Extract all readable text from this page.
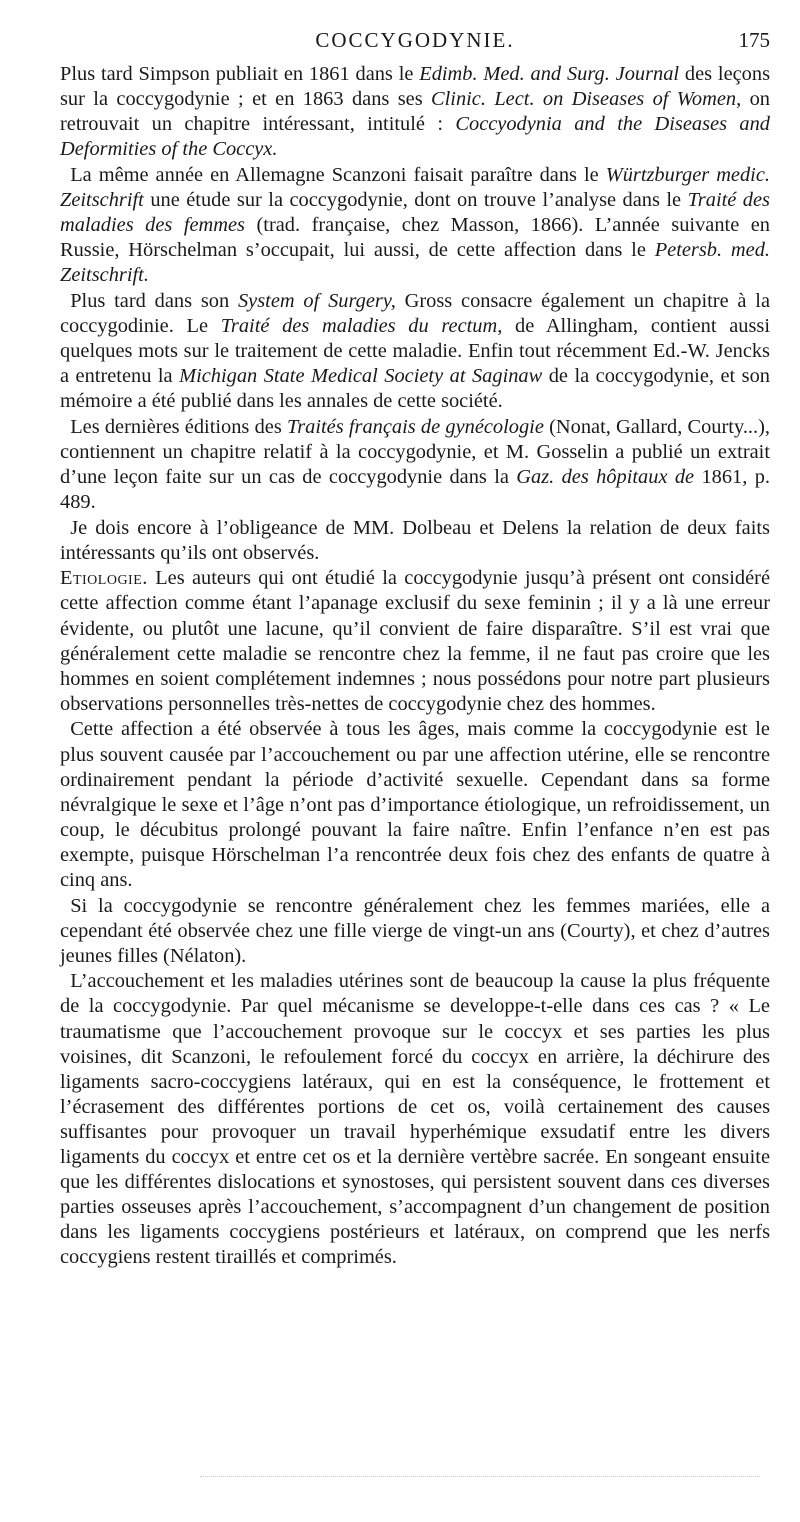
COCCYGODYNIE.	175

Plus tard Simpson publiait en 1861 dans le Edimb. Med. and Surg. Journal des leçons sur la coccygodynie ; et en 1863 dans ses Clinic. Lect. on Diseases of Women, on retrouvait un chapitre intéressant, intitulé : Coccyodynia and the Diseases and Deformities of the Coccyx.

La même année en Allemagne Scanzoni faisait paraître dans le Würtzburger medic. Zeitschrift une étude sur la coccygodynie, dont on trouve l’analyse dans le Traité des maladies des femmes (trad. française, chez Masson, 1866). L’année suivante en Russie, Hörschelman s’occupait, lui aussi, de cette affection dans le Petersb. med. Zeitschrift.

Plus tard dans son System of Surgery, Gross consacre également un chapitre à la coccygodinie. Le Traité des maladies du rectum, de Allingham, contient aussi quelques mots sur le traitement de cette maladie. Enfin tout récemment Ed.-W. Jencks a entretenu la Michigan State Medical Society at Saginaw de la coccygodynie, et son mémoire a été publié dans les annales de cette société.

Les dernières éditions des Traités français de gynécologie (Nonat, Gallard, Courty...), contiennent un chapitre relatif à la coccygodynie, et M. Gosselin a publié un extrait d’une leçon faite sur un cas de coccygodynie dans la Gaz. des hôpitaux de 1861, p. 489.

Je dois encore à l’obligeance de MM. Dolbeau et Delens la relation de deux faits intéressants qu’ils ont observés.

Etiologie. Les auteurs qui ont étudié la coccygodynie jusqu’à présent ont considéré cette affection comme étant l’apanage exclusif du sexe feminin ; il y a là une erreur évidente, ou plutôt une lacune, qu’il convient de faire disparaître. S’il est vrai que généralement cette maladie se rencontre chez la femme, il ne faut pas croire que les hommes en soient complétement indemnes ; nous possédons pour notre part plusieurs observations personnelles très-nettes de coccygodynie chez des hommes.

Cette affection a été observée à tous les âges, mais comme la coccygodynie est le plus souvent causée par l’accouchement ou par une affection utérine, elle se rencontre ordinairement pendant la période d’activité sexuelle. Cependant dans sa forme névralgique le sexe et l’âge n’ont pas d’importance étiologique, un refroidissement, un coup, le décubitus prolongé pouvant la faire naître. Enfin l’enfance n’en est pas exempte, puisque Hörschelman l’a rencontrée deux fois chez des enfants de quatre à cinq ans.

Si la coccygodynie se rencontre généralement chez les femmes mariées, elle a cependant été observée chez une fille vierge de vingt-un ans (Courty), et chez d’autres jeunes filles (Nélaton).

L’accouchement et les maladies utérines sont de beaucoup la cause la plus fréquente de la coccygodynie. Par quel mécanisme se developpe-t-elle dans ces cas ? « Le traumatisme que l’accouchement provoque sur le coccyx et ses parties les plus voisines, dit Scanzoni, le refoulement forcé du coccyx en arrière, la déchirure des ligaments sacro-coccygiens latéraux, qui en est la conséquence, le frottement et l’écrasement des différentes portions de cet os, voilà certainement des causes suffisantes pour provoquer un travail hyperhémique exsudatif entre les divers ligaments du coccyx et entre cet os et la dernière vertèbre sacrée. En songeant ensuite que les différentes dislocations et synostoses, qui persistent souvent dans ces diverses parties osseuses après l’accouchement, s’accompagnent d’un changement de position dans les ligaments coccygiens postérieurs et latéraux, on comprend que les nerfs coccygiens restent tiraillés et comprimés.
